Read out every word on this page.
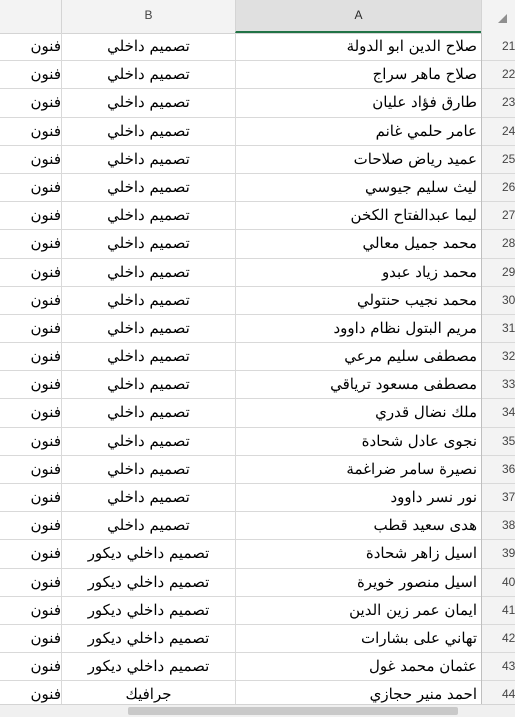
B	A
فنون	تصميم داخلي	صلاح الدين ابو الدولة	21
فنون	تصميم داخلي	صلاح ماهر سراج	22
فنون	تصميم داخلي	طارق فؤاد عليان	23
فنون	تصميم داخلي	عامر حلمي غانم	24
فنون	تصميم داخلي	عميد رياض صلاحات	25
فنون	تصميم داخلي	ليث سليم جيوسي	26
فنون	تصميم داخلي	ليما عبدالفتاح الكخن	27
فنون	تصميم داخلي	محمد جميل معالي	28
فنون	تصميم داخلي	محمد زياد عبدو	29
فنون	تصميم داخلي	محمد نجيب حنتولي	30
فنون	تصميم داخلي	مريم البتول نظام داوود	31
فنون	تصميم داخلي	مصطفى سليم مرعي	32
فنون	تصميم داخلي	مصطفى مسعود ترياقي	33
فنون	تصميم داخلي	ملك نضال قدري	34
فنون	تصميم داخلي	نجوى عادل شحادة	35
فنون	تصميم داخلي	نصيرة سامر ضراغمة	36
فنون	تصميم داخلي	نور نسر داوود	37
فنون	تصميم داخلي	هدى سعيد قطب	38
فنون	تصميم داخلي ديكور	اسيل زاهر شحادة	39
فنون	تصميم داخلي ديكور	اسيل منصور خويرة	40
فنون	تصميم داخلي ديكور	ايمان عمر زين الدين	41
فنون	تصميم داخلي ديكور	تهاني على بشارات	42
فنون	تصميم داخلي ديكور	عثمان محمد غول	43
فنون	جرافيك	احمد منير حجازي	44
